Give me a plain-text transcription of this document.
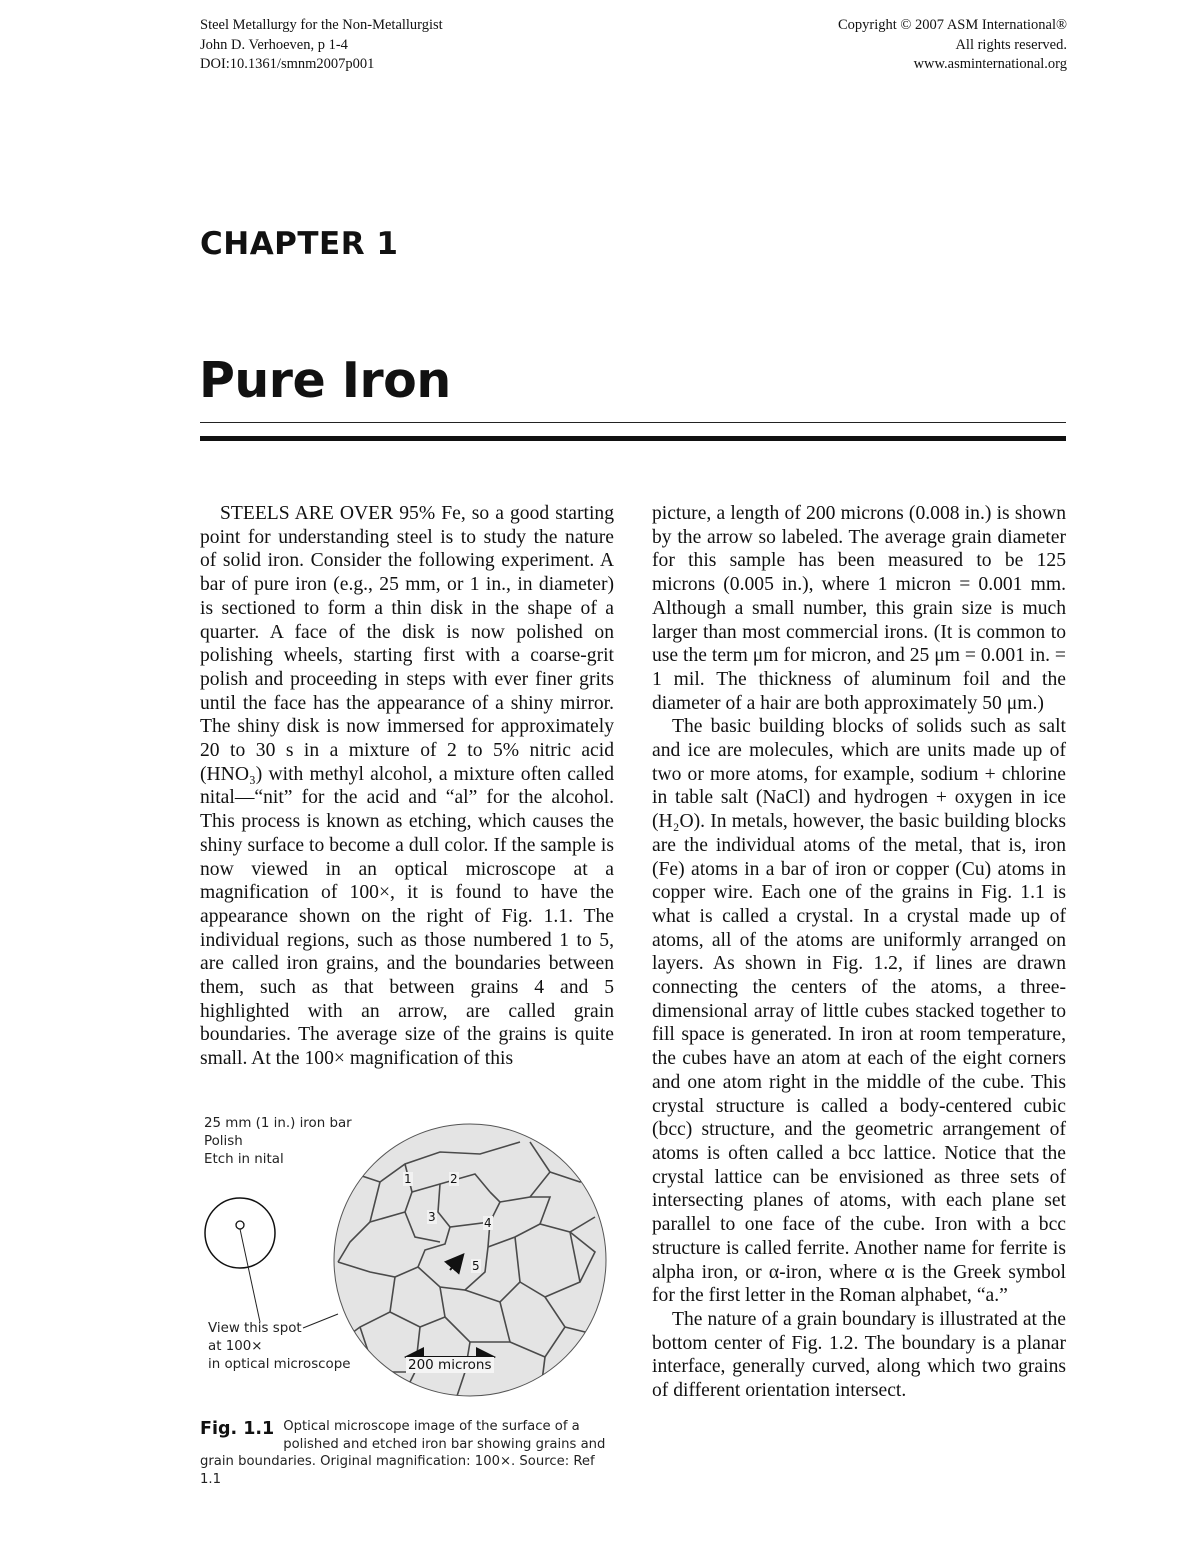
Steel Metallurgy for the Non-Metallurgist
John D. Verhoeven, p 1-4
DOI:10.1361/smnm2007p001
Copyright © 2007 ASM International®
All rights reserved.
www.asminternational.org
CHAPTER 1
Pure Iron

STEELS ARE OVER 95% Fe, so a good starting point for understanding steel is to study the nature of solid iron. Consider the following experiment. A bar of pure iron (e.g., 25 mm, or 1 in., in diameter) is sectioned to form a thin disk in the shape of a quarter. A face of the disk is now polished on polishing wheels, starting first with a coarse-grit polish and proceeding in steps with ever finer grits until the face has the appearance of a shiny mirror. The shiny disk is now immersed for approximately 20 to 30 s in a mixture of 2 to 5% nitric acid (HNO₃) with methyl alcohol, a mixture often called nital—“nit” for the acid and “al” for the alcohol. This process is known as etching, which causes the shiny surface to become a dull color. If the sample is now viewed in an optical microscope at a magnification of 100×, it is found to have the appearance shown on the right of Fig. 1.1. The individual regions, such as those numbered 1 to 5, are called iron grains, and the boundaries between them, such as that between grains 4 and 5 highlighted with an arrow, are called grain boundaries. The average size of the grains is quite small. At the 100× magnification of this

picture, a length of 200 microns (0.008 in.) is shown by the arrow so labeled. The average grain diameter for this sample has been measured to be 125 microns (0.005 in.), where 1 micron = 0.001 mm. Although a small number, this grain size is much larger than most commercial irons. (It is common to use the term μm for micron, and 25 μm = 0.001 in. = 1 mil. The thickness of aluminum foil and the diameter of a hair are both approximately 50 μm.)

The basic building blocks of solids such as salt and ice are molecules, which are units made up of two or more atoms, for example, sodium + chlorine in table salt (NaCl) and hydrogen + oxygen in ice (H₂O). In metals, however, the basic building blocks are the individual atoms of the metal, that is, iron (Fe) atoms in a bar of iron or copper (Cu) atoms in copper wire. Each one of the grains in Fig. 1.1 is what is called a crystal. In a crystal made up of atoms, all of the atoms are uniformly arranged on layers. As shown in Fig. 1.2, if lines are drawn connecting the centers of the atoms, a three-dimensional array of little cubes stacked together to fill space is generated. In iron at room temperature, the cubes have an atom at each of the eight corners and one atom right in the middle of the cube. This crystal structure is called a body-centered cubic (bcc) structure, and the geometric arrangement of atoms is often called a bcc lattice. Notice that the crystal lattice can be envisioned as three sets of intersecting planes of atoms, with each plane set parallel to one face of the cube. Iron with a bcc structure is called ferrite. Another name for ferrite is alpha iron, or α-iron, where α is the Greek symbol for the first letter in the Roman alphabet, “a.”

The nature of a grain boundary is illustrated at the bottom center of Fig. 1.2. The boundary is a planar interface, generally curved, along which two grains of different orientation intersect.

25 mm (1 in.) iron bar
Polish
Etch in nital
View this spot
at 100×
in optical microscope
1	2
3	4
5
200 microns
Fig. 1.1 Optical microscope image of the surface of a polished and etched iron bar showing grains and grain boundaries. Original magnification: 100×. Source: Ref 1.1
